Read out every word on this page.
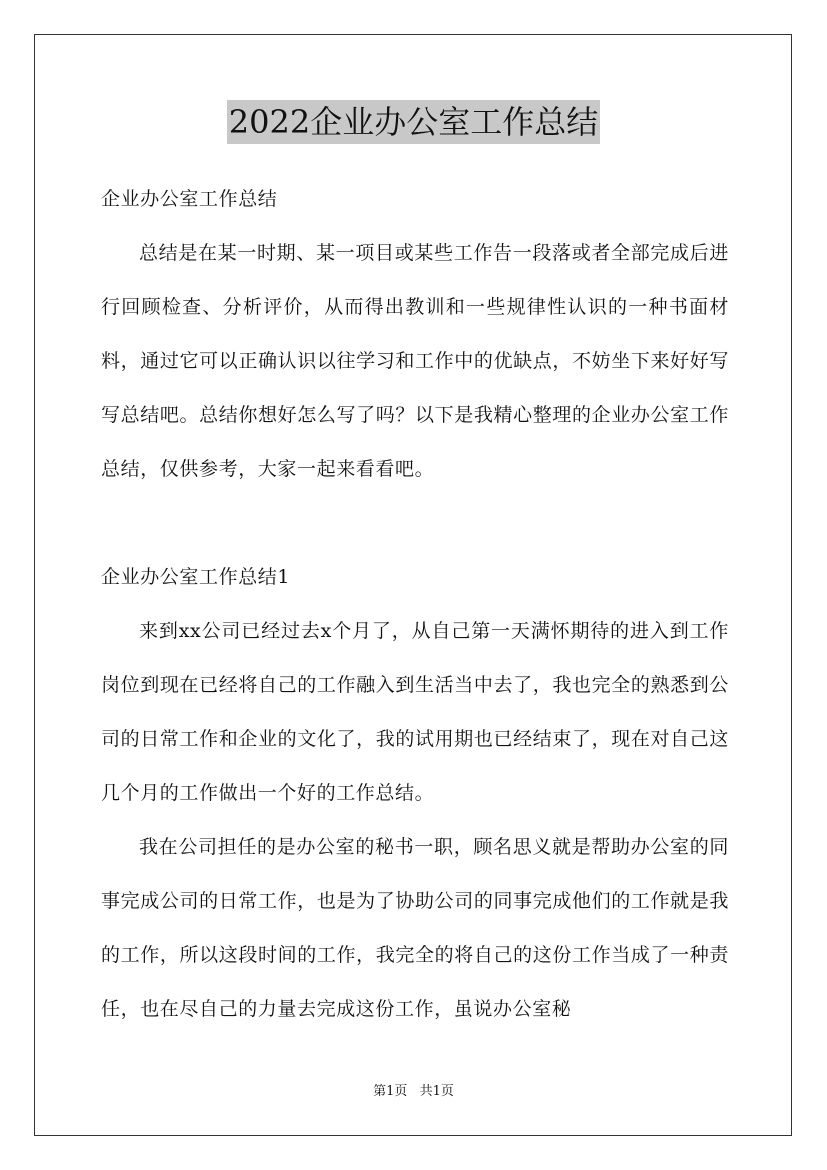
2022企业办公室工作总结

企业办公室工作总结

总结是在某一时期、某一项目或某些工作告一段落或者全部完成后进行回顾检查、分析评价，从而得出教训和一些规律性认识的一种书面材料，通过它可以正确认识以往学习和工作中的优缺点，不妨坐下来好好写写总结吧。总结你想好怎么写了吗？以下是我精心整理的企业办公室工作总结，仅供参考，大家一起来看看吧。

企业办公室工作总结1

来到xx公司已经过去x个月了，从自己第一天满怀期待的进入到工作岗位到现在已经将自己的工作融入到生活当中去了，我也完全的熟悉到公司的日常工作和企业的文化了，我的试用期也已经结束了，现在对自己这几个月的工作做出一个好的工作总结。

我在公司担任的是办公室的秘书一职，顾名思义就是帮助办公室的同事完成公司的日常工作，也是为了协助公司的同事完成他们的工作就是我的工作，所以这段时间的工作，我完全的将自己的这份工作当成了一种责任，也在尽自己的力量去完成这份工作，虽说办公室秘

第1页 共1页
